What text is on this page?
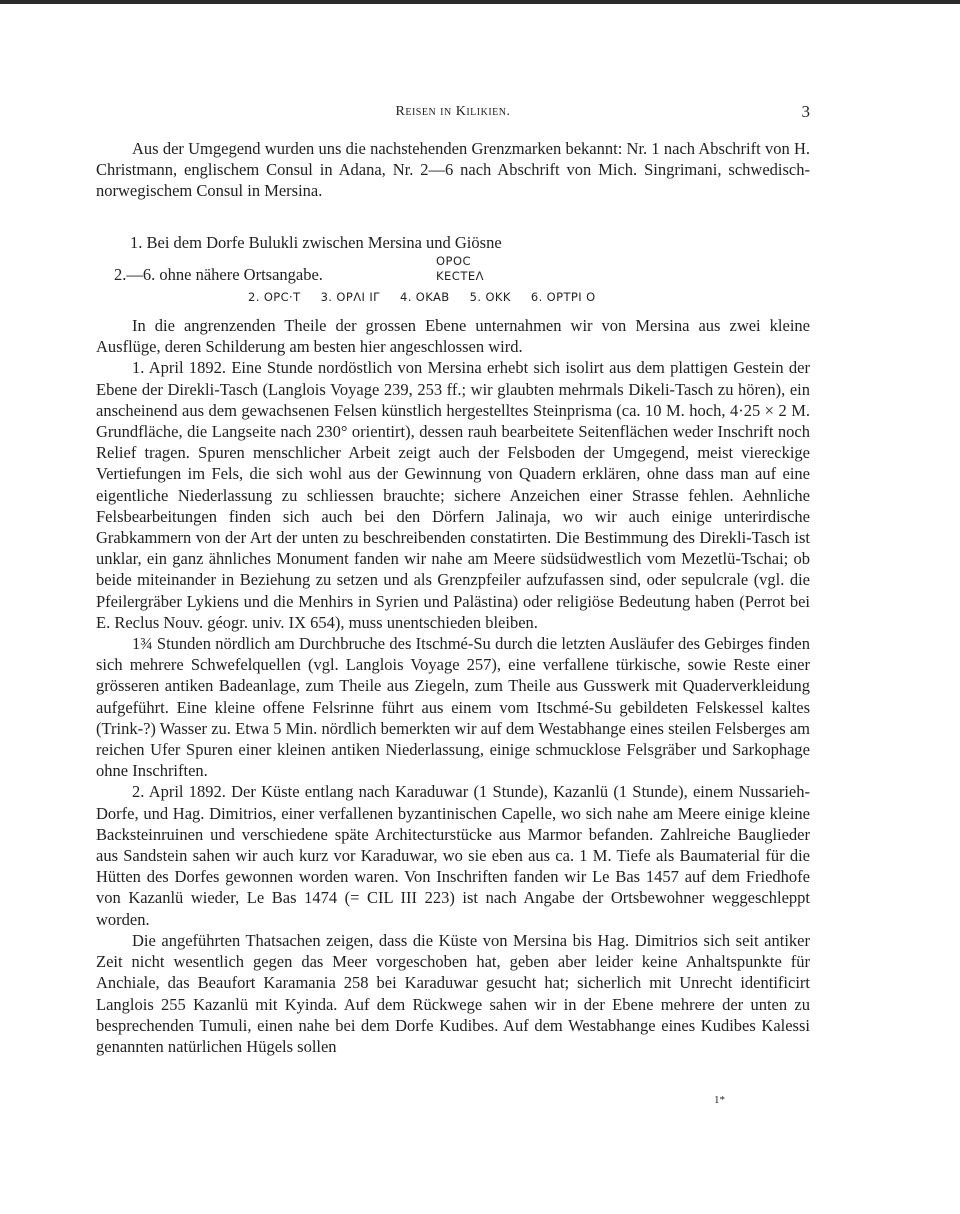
Reisen in Kilikien.	3

Aus der Umgegend wurden uns die nachstehenden Grenzmarken bekannt: Nr. 1 nach Abschrift von H. Christmann, englischem Consul in Adana, Nr. 2—6 nach Abschrift von Mich. Singrimani, schwedisch-norwegischem Consul in Mersina.

1. Bei dem Dorfe Bulukli zwischen Mersina und Giösne
OPOC
KECTEΛ
2.—6. ohne nähere Ortsangabe.
2. OPC·T 3. OPΛI IΓ 4. OKAB 5. OKK 6. OPTPI O

In die angrenzenden Theile der grossen Ebene unternahmen wir von Mersina aus zwei kleine Ausflüge, deren Schilderung am besten hier angeschlossen wird.

1. April 1892. Eine Stunde nordöstlich von Mersina erhebt sich isolirt aus dem plattigen Gestein der Ebene der Direkli-Tasch (Langlois Voyage 239, 253 ff.; wir glaubten mehrmals Dikeli-Tasch zu hören), ein anscheinend aus dem gewachsenen Felsen künstlich hergestelltes Steinprisma (ca. 10 M. hoch, 4·25 × 2 M. Grundfläche, die Langseite nach 230° orientirt), dessen rauh bearbeitete Seitenflächen weder Inschrift noch Relief tragen. Spuren menschlicher Arbeit zeigt auch der Felsboden der Umgegend, meist viereckige Vertiefungen im Fels, die sich wohl aus der Gewinnung von Quadern erklären, ohne dass man auf eine eigentliche Niederlassung zu schliessen brauchte; sichere Anzeichen einer Strasse fehlen. Aehnliche Felsbearbeitungen finden sich auch bei den Dörfern Jalinaja, wo wir auch einige unterirdische Grabkammern von der Art der unten zu beschreibenden constatirten. Die Bestimmung des Direkli-Tasch ist unklar, ein ganz ähnliches Monument fanden wir nahe am Meere südsüdwestlich vom Mezetlü-Tschai; ob beide miteinander in Beziehung zu setzen und als Grenzpfeiler aufzufassen sind, oder sepulcrale (vgl. die Pfeilergräber Lykiens und die Menhirs in Syrien und Palästina) oder religiöse Bedeutung haben (Perrot bei E. Reclus Nouv. géogr. univ. IX 654), muss unentschieden bleiben.

1¾ Stunden nördlich am Durchbruche des Itschmé-Su durch die letzten Ausläufer des Gebirges finden sich mehrere Schwefelquellen (vgl. Langlois Voyage 257), eine verfallene türkische, sowie Reste einer grösseren antiken Badeanlage, zum Theile aus Ziegeln, zum Theile aus Gusswerk mit Quaderverkleidung aufgeführt. Eine kleine offene Felsrinne führt aus einem vom Itschmé-Su gebildeten Felskessel kaltes (Trink-?) Wasser zu. Etwa 5 Min. nördlich bemerkten wir auf dem Westabhange eines steilen Felsberges am reichen Ufer Spuren einer kleinen antiken Niederlassung, einige schmucklose Felsgräber und Sarkophage ohne Inschriften.

2. April 1892. Der Küste entlang nach Karaduwar (1 Stunde), Kazanlü (1 Stunde), einem Nussarieh-Dorfe, und Hag. Dimitrios, einer verfallenen byzantinischen Capelle, wo sich nahe am Meere einige kleine Backsteinruinen und verschiedene späte Architecturstücke aus Marmor befanden. Zahlreiche Bauglieder aus Sandstein sahen wir auch kurz vor Karaduwar, wo sie eben aus ca. 1 M. Tiefe als Baumaterial für die Hütten des Dorfes gewonnen worden waren. Von Inschriften fanden wir Le Bas 1457 auf dem Friedhofe von Kazanlü wieder, Le Bas 1474 (= CIL III 223) ist nach Angabe der Ortsbewohner weggeschleppt worden.

Die angeführten Thatsachen zeigen, dass die Küste von Mersina bis Hag. Dimitrios sich seit antiker Zeit nicht wesentlich gegen das Meer vorgeschoben hat, geben aber leider keine Anhaltspunkte für Anchiale, das Beaufort Karamania 258 bei Karaduwar gesucht hat; sicherlich mit Unrecht identificirt Langlois 255 Kazanlü mit Kyinda. Auf dem Rückwege sahen wir in der Ebene mehrere der unten zu besprechenden Tumuli, einen nahe bei dem Dorfe Kudibes. Auf dem Westabhange eines Kudibes Kalessi genannten natürlichen Hügels sollen

1*
